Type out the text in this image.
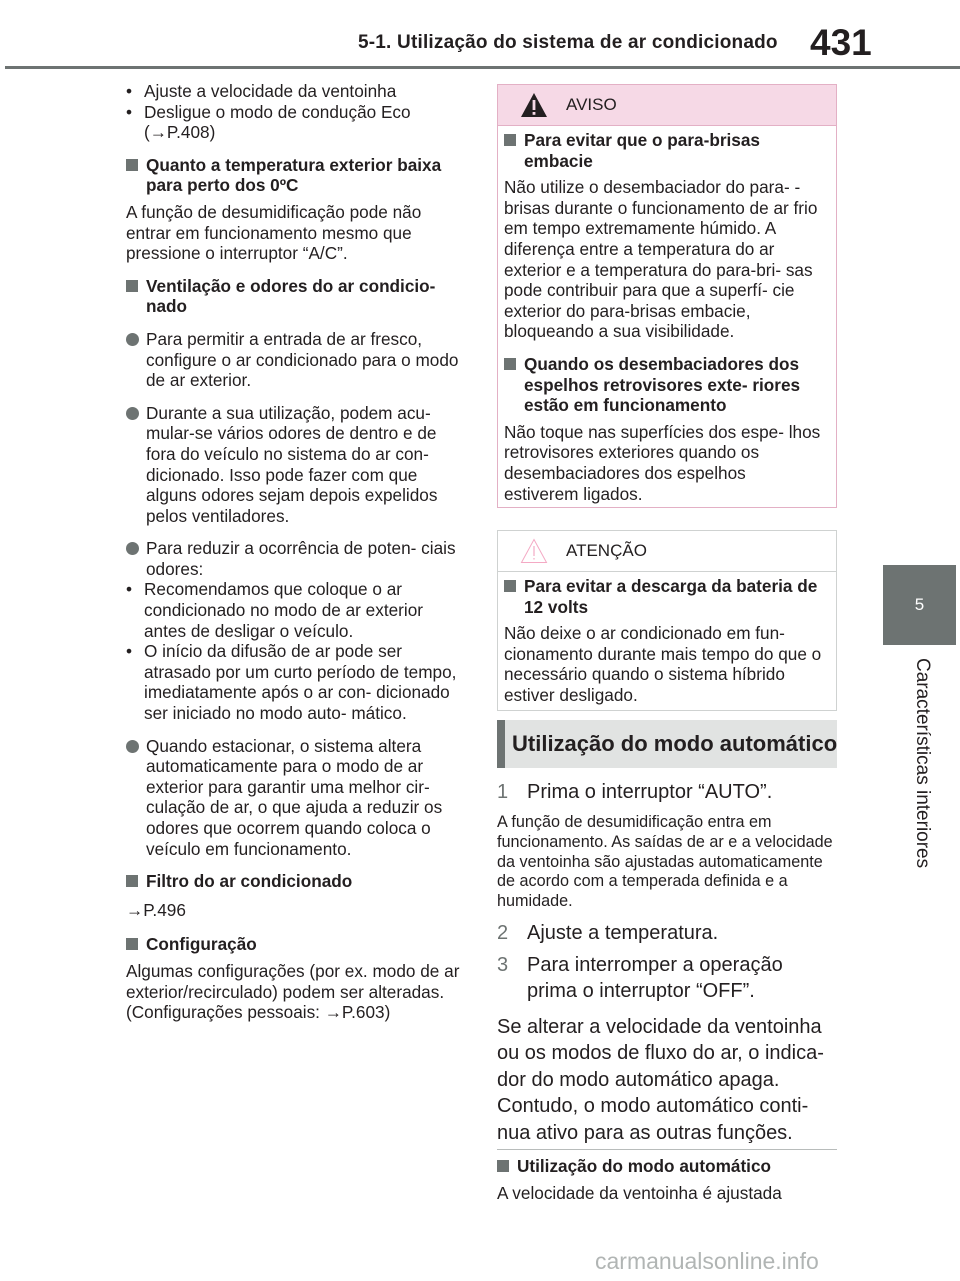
5-1. Utilização do sistema de ar condicionado 431
5
Características interiores
• Ajuste a velocidade da ventoinha
• Desligue o modo de condução Eco (→P.408)
Quanto a temperatura exterior baixa para perto dos 0ºC
A função de desumidificação pode não entrar em funcionamento mesmo que pressione o interruptor “A/C”.
Ventilação e odores do ar condicio- nado
Para permitir a entrada de ar fresco, configure o ar condicionado para o modo de ar exterior.
Durante a sua utilização, podem acu- mular-se vários odores de dentro e de fora do veículo no sistema do ar con- dicionado. Isso pode fazer com que alguns odores sejam depois expelidos pelos ventiladores.
Para reduzir a ocorrência de poten- ciais odores:
• Recomendamos que coloque o ar condicionado no modo de ar exterior antes de desligar o veículo.
• O início da difusão de ar pode ser atrasado por um curto período de tempo, imediatamente após o ar con- dicionado ser iniciado no modo auto- mático.
Quando estacionar, o sistema altera automaticamente para o modo de ar exterior para garantir uma melhor cir- culação de ar, o que ajuda a reduzir os odores que ocorrem quando coloca o veículo em funcionamento.
Filtro do ar condicionado
→P.496
Configuração
Algumas configurações (por ex. modo de ar exterior/recirculado) podem ser alteradas.
(Configurações pessoais: →P.603)
AVISO
Para evitar que o para-brisas embacie
Não utilize o desembaciador do para- -brisas durante o funcionamento de ar frio em tempo extremamente húmido. A diferença entre a temperatura do ar exterior e a temperatura do para-bri- sas pode contribuir para que a superfí- cie exterior do para-brisas embacie, bloqueando a sua visibilidade.
Quando os desembaciadores dos espelhos retrovisores exte- riores estão em funcionamento
Não toque nas superfícies dos espe- lhos retrovisores exteriores quando os desembaciadores dos espelhos estiverem ligados.
ATENÇÃO
Para evitar a descarga da bateria de 12 volts
Não deixe o ar condicionado em fun- cionamento durante mais tempo do que o necessário quando o sistema híbrido estiver desligado.
Utilização do modo automático
1 Prima o interruptor “AUTO”.
A função de desumidificação entra em funcionamento. As saídas de ar e a velocidade da ventoinha são ajustadas automaticamente de acordo com a temperada definida e a humidade.
2 Ajuste a temperatura.
3 Para interromper a operação prima o interruptor “OFF”.
Se alterar a velocidade da ventoinha ou os modos de fluxo do ar, o indica- dor do modo automático apaga. Contudo, o modo automático conti- nua ativo para as outras funções.
Utilização do modo automático
A velocidade da ventoinha é ajustada
carmanualsonline.info
